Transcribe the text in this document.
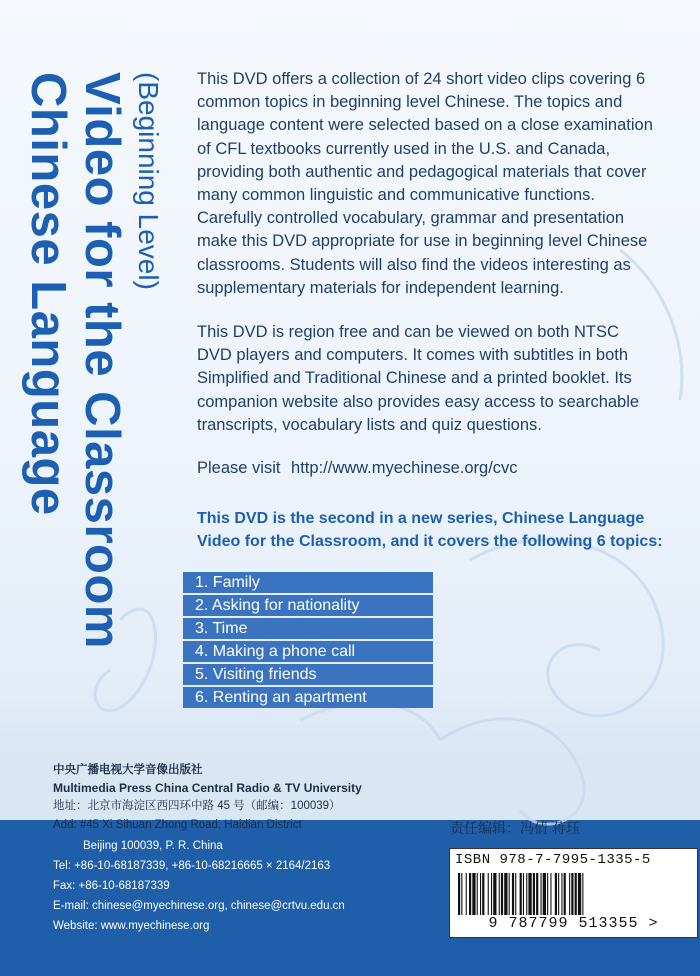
Chinese Language Video for the Classroom (Beginning Level) This DVD offers a collection of 24 short video clips covering 6 common topics in beginning level Chinese. The topics and language content were selected based on a close examination of CFL textbooks currently used in the U.S. and Canada, providing both authentic and pedagogical materials that cover many common linguistic and communicative functions. Carefully controlled vocabulary, grammar and presentation make this DVD appropriate for use in beginning level Chinese classrooms. Students will also find the videos interesting as supplementary materials for independent learning.
This DVD is region free and can be viewed on both NTSC DVD players and computers. It comes with subtitles in both Simplified and Traditional Chinese and a printed booklet. Its companion website also provides easy access to searchable transcripts, vocabulary lists and quiz questions.
Please visit http://www.myechinese.org/cvc
This DVD is the second in a new series, Chinese Language Video for the Classroom, and it covers the following 6 topics:
1. Family
2. Asking for nationality
3. Time
4. Making a phone call
5. Visiting friends
6. Renting an apartment
中央广播电视大学音像出版社
Multimedia Press China Central Radio & TV University
地址：北京市海淀区西四环中路 45 号（邮编：100039）
Add: #45 Xi Sihuan Zhong Road, Haidian District
Beijing 100039, P. R. China
Tel: +86-10-68187339, +86-10-68216665 × 2164/2163
Fax: +86-10-68187339
E-mail: chinese@myechinese.org, chinese@crtvu.edu.cn
Website: www.myechinese.org
责任编辑：冯倩 蒋珏
ISBN 978-7-7995-1335-5
9 787799 513355 >
